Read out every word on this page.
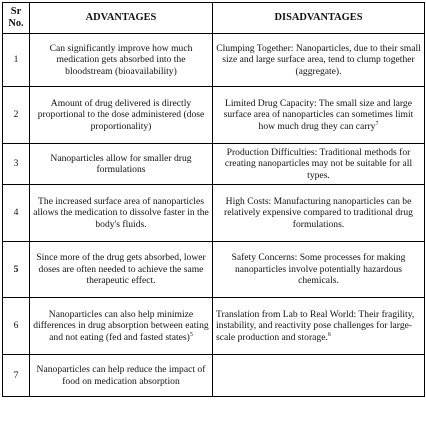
Sr
No.	ADVANTAGES	DISADVANTAGES
1	Can significantly improve how much medication gets absorbed into the bloodstream (bioavailability)	Clumping Together: Nanoparticles, due to their small size and large surface area, tend to clump together (aggregate).
2	Amount of drug delivered is directly proportional to the dose administered (dose proportionality)	Limited Drug Capacity: The small size and large surface area of nanoparticles can sometimes limit how much drug they can carry$^7$
3	Nanoparticles allow for smaller drug formulations	Production Difficulties: Traditional methods for creating nanoparticles may not be suitable for all types.
4	The increased surface area of nanoparticles allows the medication to dissolve faster in the body's fluids.	High Costs: Manufacturing nanoparticles can be relatively expensive compared to traditional drug formulations.
5	Since more of the drug gets absorbed, lower doses are often needed to achieve the same therapeutic effect.	Safety Concerns: Some processes for making nanoparticles involve potentially hazardous chemicals.
6	Nanoparticles can also help minimize differences in drug absorption between eating and not eating (fed and fasted states)$^5$	Translation from Lab to Real World: Their fragility, instability, and reactivity pose challenges for large-scale production and storage.$^6$
7	Nanoparticles can help reduce the impact of food on medication absorption	
